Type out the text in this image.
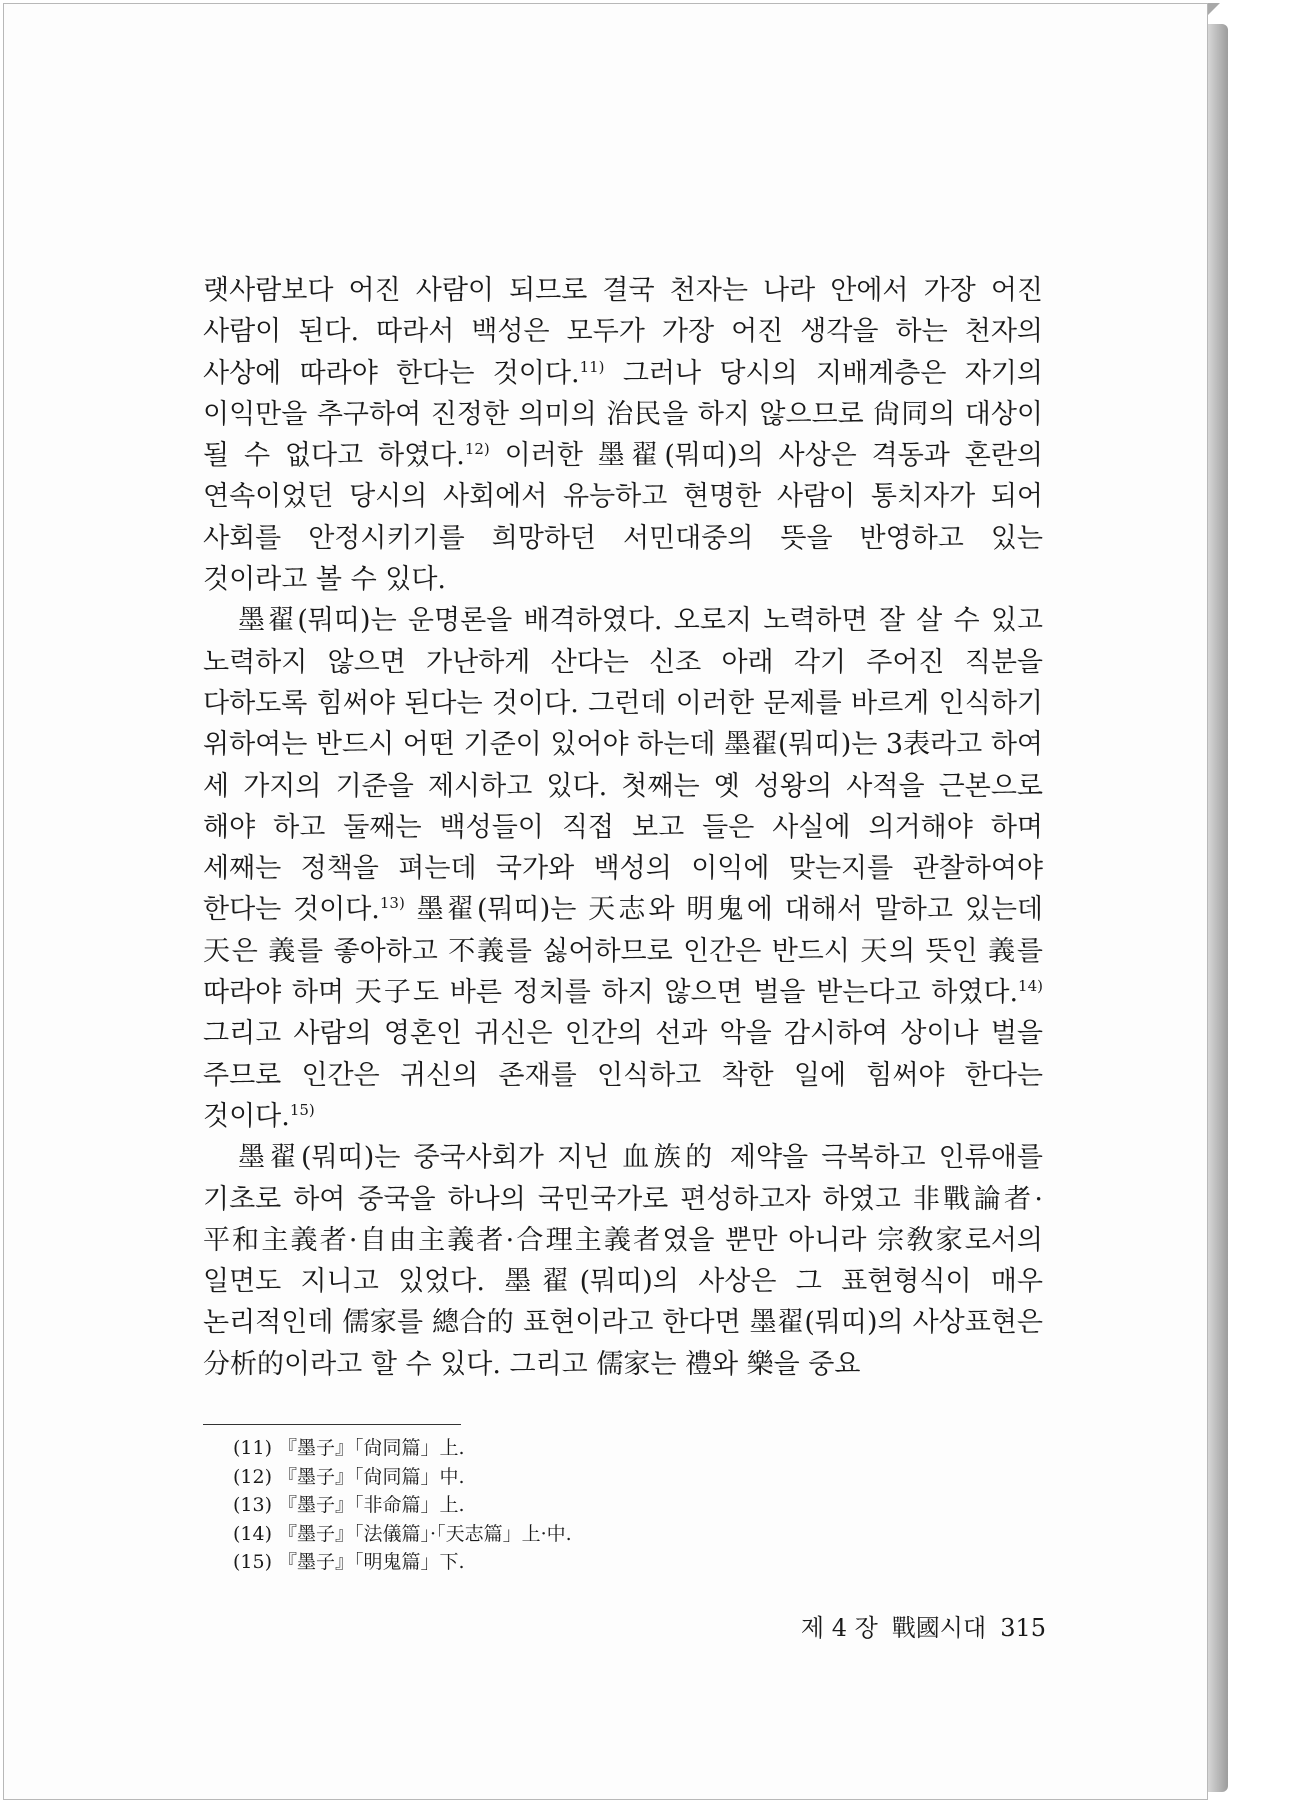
랫사람보다 어진 사람이 되므로 결국 천자는 나라 안에서 가장 어진 사람이 된다. 따라서 백성은 모두가 가장 어진 생각을 하는 천자의 사상에 따라야 한다는 것이다.$^{11)}$ 그러나 당시의 지배계층은 자기의 이익만을 추구하여 진정한 의미의 治民을 하지 않으므로 尙同의 대상이 될 수 없다고 하였다.$^{12)}$ 이러한 墨翟(뭐띠)의 사상은 격동과 혼란의 연속이었던 당시의 사회에서 유능하고 현명한 사람이 통치자가 되어 사회를 안정시키기를 희망하던 서민대중의 뜻을 반영하고 있는 것이라고 볼 수 있다.

墨翟(뭐띠)는 운명론을 배격하였다. 오로지 노력하면 잘 살 수 있고 노력하지 않으면 가난하게 산다는 신조 아래 각기 주어진 직분을 다하도록 힘써야 된다는 것이다. 그런데 이러한 문제를 바르게 인식하기 위하여는 반드시 어떤 기준이 있어야 하는데 墨翟(뭐띠)는 3表라고 하여 세 가지의 기준을 제시하고 있다. 첫째는 옛 성왕의 사적을 근본으로 해야 하고 둘째는 백성들이 직접 보고 들은 사실에 의거해야 하며 세째는 정책을 펴는데 국가와 백성의 이익에 맞는지를 관찰하여야 한다는 것이다.$^{13)}$ 墨翟(뭐띠)는 天志와 明鬼에 대해서 말하고 있는데 天은 義를 좋아하고 不義를 싫어하므로 인간은 반드시 天의 뜻인 義를 따라야 하며 天子도 바른 정치를 하지 않으면 벌을 받는다고 하였다.$^{14)}$ 그리고 사람의 영혼인 귀신은 인간의 선과 악을 감시하여 상이나 벌을 주므로 인간은 귀신의 존재를 인식하고 착한 일에 힘써야 한다는 것이다.$^{15)}$

墨翟(뭐띠)는 중국사회가 지닌 血族的 제약을 극복하고 인류애를 기초로 하여 중국을 하나의 국민국가로 편성하고자 하였고 非戰論者·平和主義者·自由主義者·合理主義者였을 뿐만 아니라 宗敎家로서의 일면도 지니고 있었다. 墨翟(뭐띠)의 사상은 그 표현형식이 매우 논리적인데 儒家를 總合的 표현이라고 한다면 墨翟(뭐띠)의 사상표현은 分析的이라고 할 수 있다. 그리고 儒家는 禮와 樂을 중요

(11) 『墨子』「尙同篇」上.
(12) 『墨子』「尙同篇」中.
(13) 『墨子』「非命篇」上.
(14) 『墨子』「法儀篇」·「天志篇」上·中.
(15) 『墨子』「明鬼篇」下.
제 4 장 戰國시대 315
